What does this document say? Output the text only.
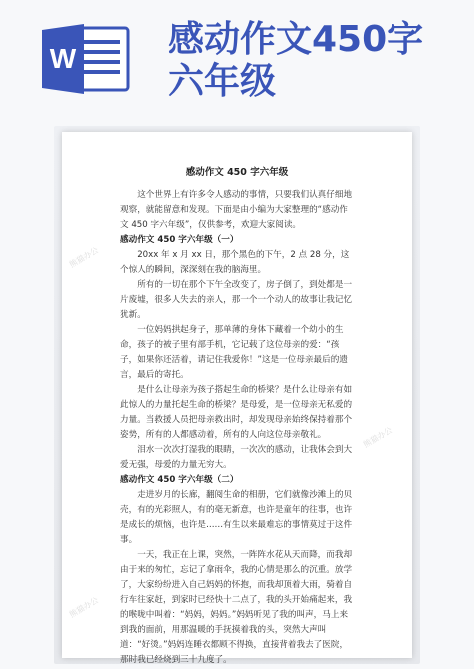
W	感动作文450字
六年级
感动作文 450 字六年级

这个世界上有许多令人感动的事情，只要我们认真仔细地观察，就能留意和发现。下面是由小编为大家整理的“感动作文 450 字六年级”，仅供参考，欢迎大家阅读。

感动作文 450 字六年级（一）

20xx 年 x 月 xx 日，那个黑色的下午，2 点 28 分，这个惊人的瞬间，深深刻在我的脑海里。

所有的一切在那个下午全改变了，房子倒了，到处都是一片废墟，很多人失去的亲人，那一个一个动人的故事让我记忆犹新。

一位妈妈拱起身子，那单薄的身体下藏着一个幼小的生命，孩子的被子里有部手机，它记载了这位母亲的爱：“孩子，如果你还活着，请记住我爱你！”这是一位母亲最后的遗言，最后的寄托。

是什么让母亲为孩子搭起生命的桥梁？是什么让母亲有如此惊人的力量托起生命的桥梁？是母爱，是一位母亲无私爱的力量。当救援人员把母亲救出时，却发现母亲始终保持着那个姿势，所有的人都感动着，所有的人向这位母亲敬礼。

泪水一次次打湿我的眼睛，一次次的感动，让我体会到大爱无强，母爱的力量无穷大。

感动作文 450 字六年级（二）

走进岁月的长廊，翻阅生命的相册，它们就像沙滩上的贝壳，有的光彩照人，有的毫无新意，也许是童年的往事，也许是成长的烦恼，也许是……有生以来最难忘的事情莫过于这件事。

一天，我正在上课，突然，一阵阵水花从天而降，而我却由于来的匆忙，忘记了拿雨伞，我的心情是那么的沉重。放学了，大家纷纷进入自己妈妈的怀抱，而我却顶着大雨，骑着自行车往家赶，到家时已经快十二点了，我的头开始痛起来，我的喉咙中叫着：“妈妈，妈妈。”妈妈听见了我的叫声，马上来到我的面前，用那温暖的手抚摸着我的头，突然大声叫道：“好烫。”妈妈连睡衣都顾不得换，直接背着我去了医院，那时我已经烧到三十九度了。

熊猫办公
熊猫办公
熊猫办公
